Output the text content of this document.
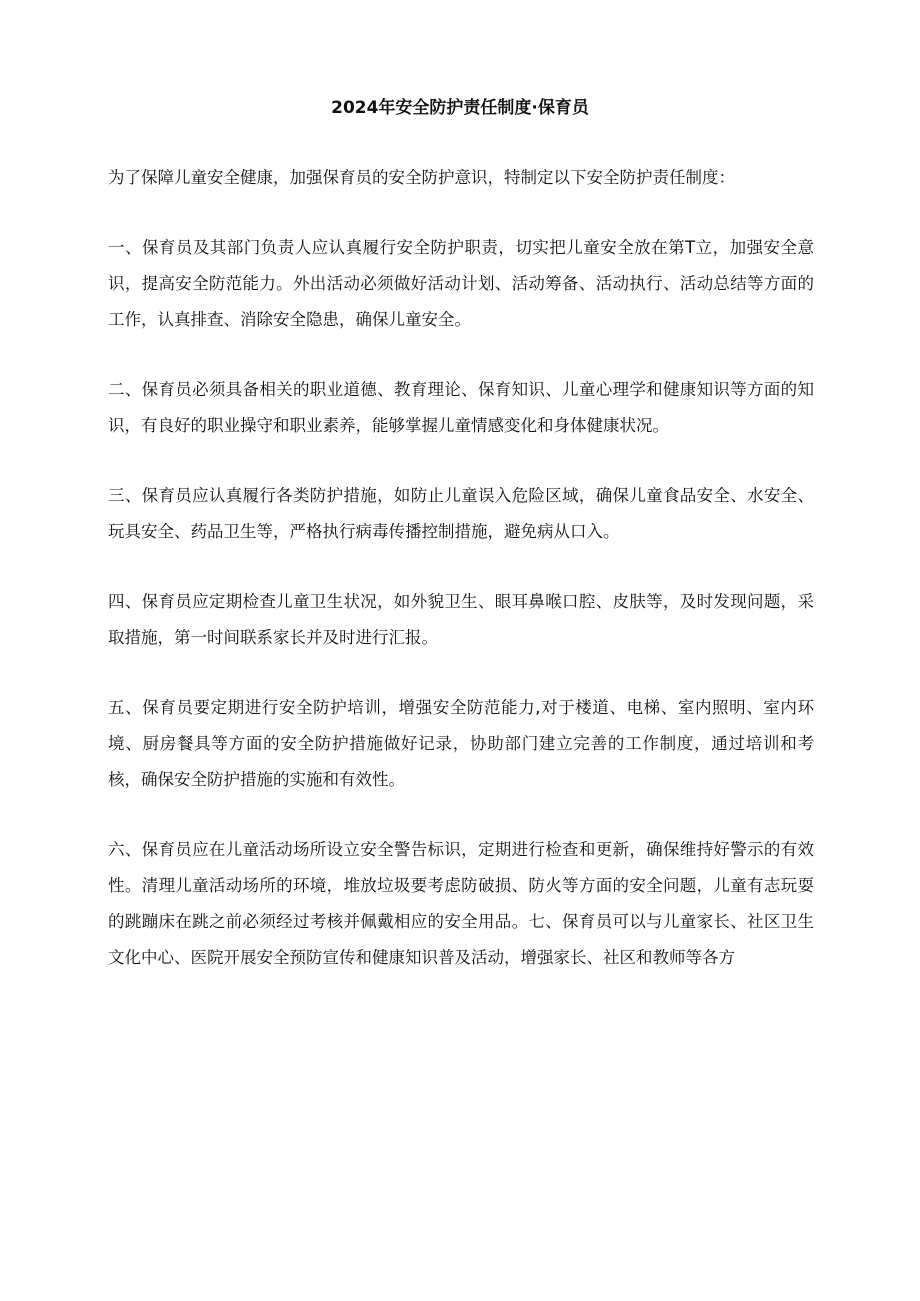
2024年安全防护责任制度·保育员

为了保障儿童安全健康，加强保育员的安全防护意识，特制定以下安全防护责任制度：

一、保育员及其部门负责人应认真履行安全防护职责，切实把儿童安全放在第T立，加强安全意识，提高安全防范能力。外出活动必须做好活动计划、活动筹备、活动执行、活动总结等方面的工作，认真排查、消除安全隐患，确保儿童安全。

二、保育员必须具备相关的职业道德、教育理论、保育知识、儿童心理学和健康知识等方面的知识，有良好的职业操守和职业素养，能够掌握儿童情感变化和身体健康状况。

三、保育员应认真履行各类防护措施，如防止儿童误入危险区域，确保儿童食品安全、水安全、玩具安全、药品卫生等，严格执行病毒传播控制措施，避免病从口入。

四、保育员应定期检查儿童卫生状况，如外貌卫生、眼耳鼻喉口腔、皮肤等，及时发现问题，采取措施，第一时间联系家长并及时进行汇报。

五、保育员要定期进行安全防护培训，增强安全防范能力,对于楼道、电梯、室内照明、室内环境、厨房餐具等方面的安全防护措施做好记录，协助部门建立完善的工作制度，通过培训和考核，确保安全防护措施的实施和有效性。

六、保育员应在儿童活动场所设立安全警告标识，定期进行检查和更新，确保维持好警示的有效性。清理儿童活动场所的环境，堆放垃圾要考虑防破损、防火等方面的安全问题，儿童有志玩耍的跳蹦床在跳之前必须经过考核并佩戴相应的安全用品。七、保育员可以与儿童家长、社区卫生文化中心、医院开展安全预防宣传和健康知识普及活动，增强家长、社区和教师等各方
